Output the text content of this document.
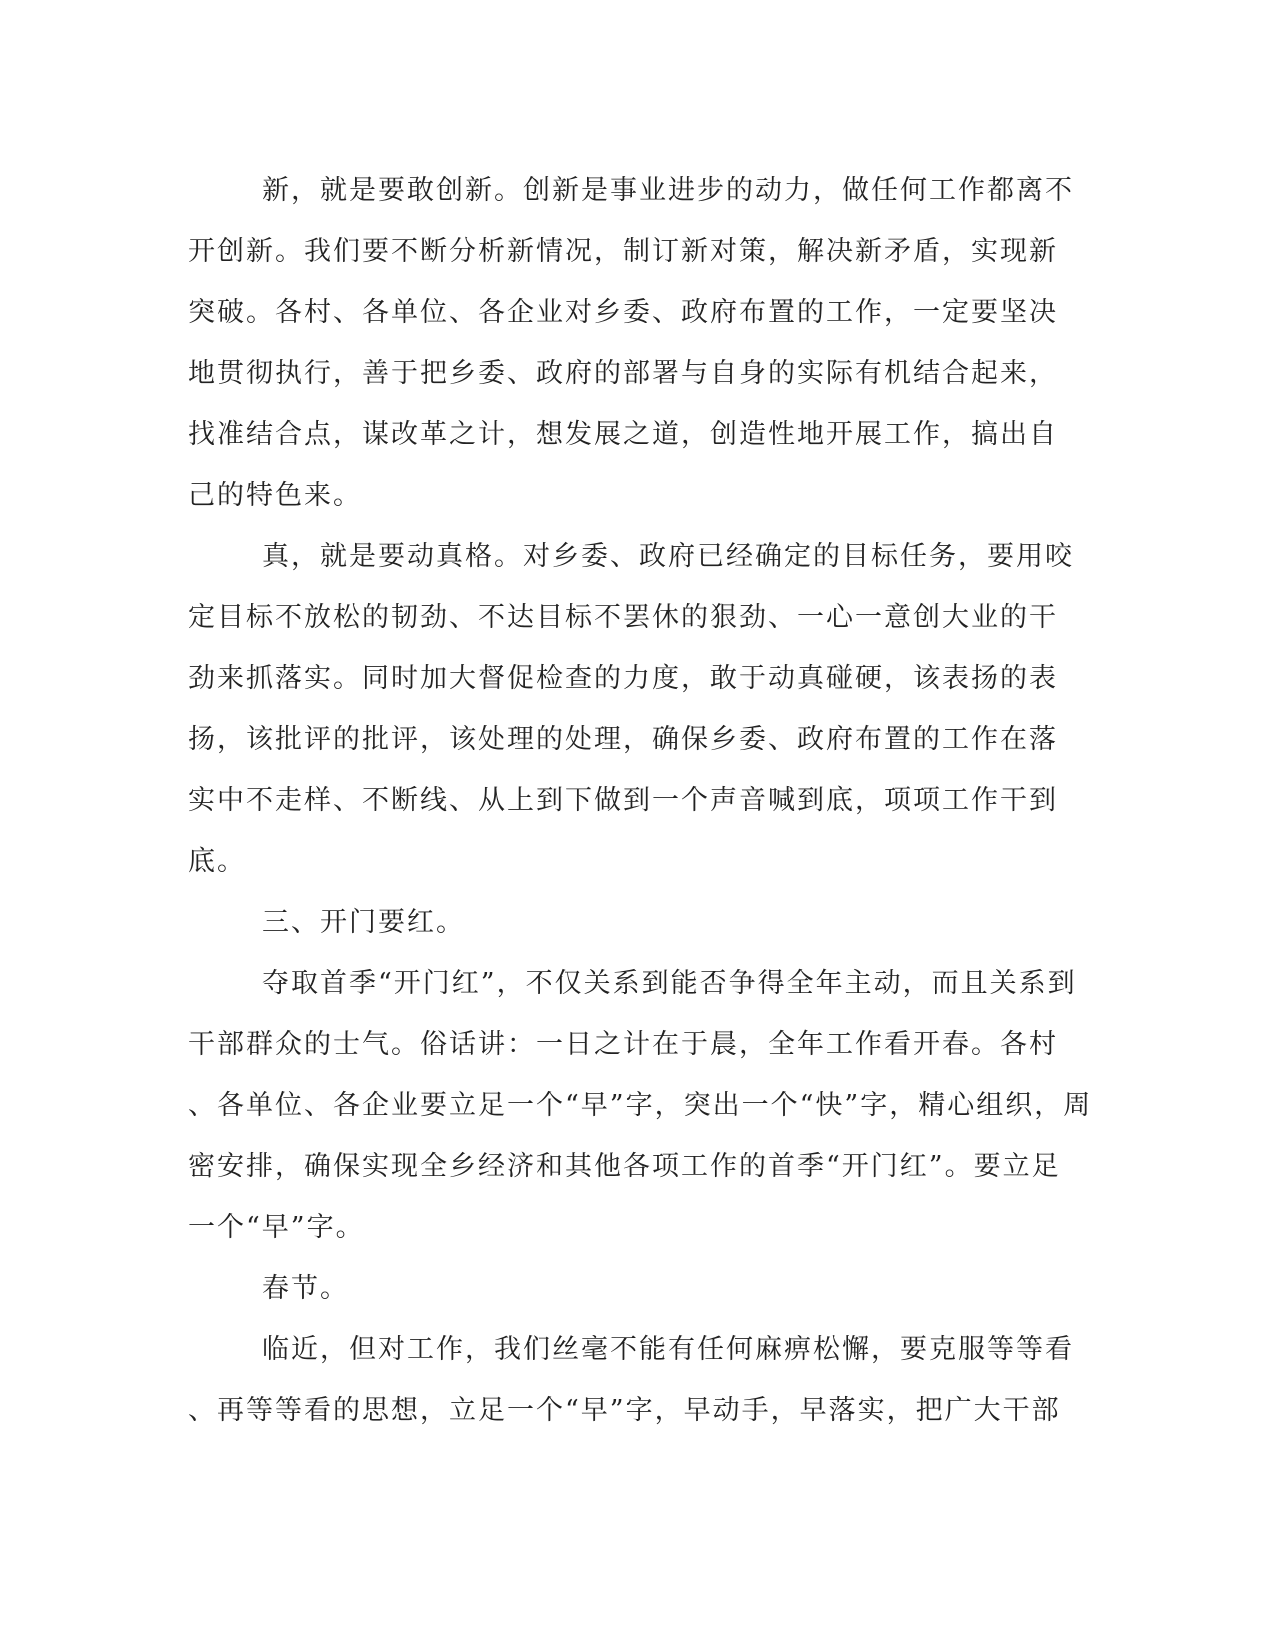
新，就是要敢创新。创新是事业进步的动力，做任何工作都离不
开创新。我们要不断分析新情况，制订新对策，解决新矛盾，实现新
突破。各村、各单位、各企业对乡委、政府布置的工作，一定要坚决
地贯彻执行，善于把乡委、政府的部署与自身的实际有机结合起来，
找准结合点，谋改革之计，想发展之道，创造性地开展工作，搞出自
己的特色来。
真，就是要动真格。对乡委、政府已经确定的目标任务，要用咬
定目标不放松的韧劲、不达目标不罢休的狠劲、一心一意创大业的干
劲来抓落实。同时加大督促检查的力度，敢于动真碰硬，该表扬的表
扬，该批评的批评，该处理的处理，确保乡委、政府布置的工作在落
实中不走样、不断线、从上到下做到一个声音喊到底，项项工作干到
底。
三、开门要红。
夺取首季“开门红”，不仅关系到能否争得全年主动，而且关系到
干部群众的士气。俗话讲：一日之计在于晨，全年工作看开春。各村
、各单位、各企业要立足一个“早”字，突出一个“快”字，精心组织，周
密安排，确保实现全乡经济和其他各项工作的首季“开门红”。要立足
一个“早”字。
春节。
临近，但对工作，我们丝毫不能有任何麻痹松懈，要克服等等看
、再等等看的思想，立足一个“早”字，早动手，早落实，把广大干部
